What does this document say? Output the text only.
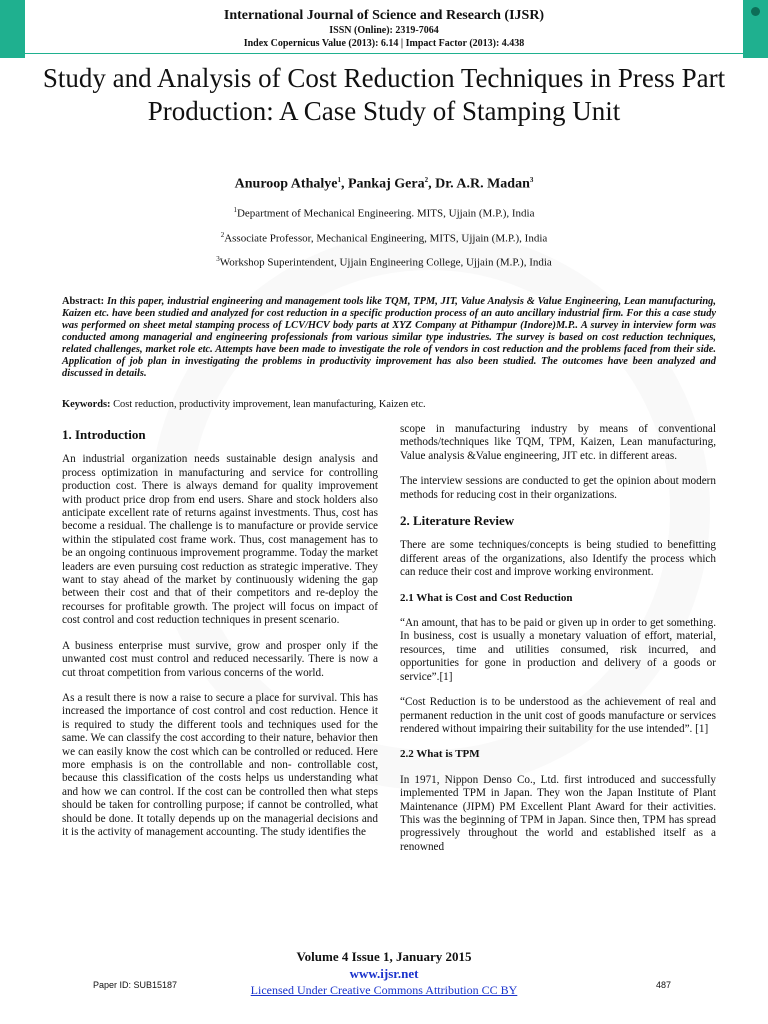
International Journal of Science and Research (IJSR)
ISSN (Online): 2319-7064
Index Copernicus Value (2013): 6.14 | Impact Factor (2013): 4.438
Study and Analysis of Cost Reduction Techniques in Press Part Production: A Case Study of Stamping Unit
Anuroop Athalye$^1$, Pankaj Gera$^2$, Dr. A.R. Madan$^3$
$^1$Department of Mechanical Engineering. MITS, Ujjain (M.P.), India
$^2$Associate Professor, Mechanical Engineering, MITS, Ujjain (M.P.), India
$^3$Workshop Superintendent, Ujjain Engineering College, Ujjain (M.P.), India
Abstract: In this paper, industrial engineering and management tools like TQM, TPM, JIT, Value Analysis & Value Engineering, Lean manufacturing, Kaizen etc. have been studied and analyzed for cost reduction in a specific production process of an auto ancillary industrial firm. For this a case study was performed on sheet metal stamping process of LCV/HCV body parts at XYZ Company at Pithampur (Indore)M.P.. A survey in interview form was conducted among managerial and engineering professionals from various similar type industries. The survey is based on cost reduction techniques, related challenges, market role etc. Attempts have been made to investigate the role of vendors in cost reduction and the problems faced from their side. Application of job plan in investigating the problems in productivity improvement has also been studied. The outcomes have been analyzed and discussed in details.
Keywords: Cost reduction, productivity improvement, lean manufacturing, Kaizen etc.
1. Introduction

An industrial organization needs sustainable design analysis and process optimization in manufacturing and service for controlling production cost. There is always demand for quality improvement with product price drop from end users. Share and stock holders also anticipate excellent rate of returns against investments. Thus, cost has become a residual. The challenge is to manufacture or provide service within the stipulated cost frame work. Thus, cost management has to be an ongoing continuous improvement programme. Today the market leaders are even pursuing cost reduction as strategic imperative. They want to stay ahead of the market by continuously widening the gap between their cost and that of their competitors and re-deploy the recourses for profitable growth. The project will focus on impact of cost control and cost reduction techniques in present scenario.

A business enterprise must survive, grow and prosper only if the unwanted cost must control and reduced necessarily. There is now a cut throat competition from various concerns of the world.

As a result there is now a raise to secure a place for survival. This has increased the importance of cost control and cost reduction. Hence it is required to study the different tools and techniques used for the same. We can classify the cost according to their nature, behavior then we can easily know the cost which can be controlled or reduced. Here more emphasis is on the controllable and non- controllable cost, because this classification of the costs helps us understanding what and how we can control. If the cost can be controlled then what steps should be taken for controlling purpose; if cannot be controlled, what should be done. It totally depends up on the managerial decisions and it is the activity of management accounting. The study identifies the

scope in manufacturing industry by means of conventional methods/techniques like TQM, TPM, Kaizen, Lean manufacturing, Value analysis &Value engineering, JIT etc. in different areas.

The interview sessions are conducted to get the opinion about modern methods for reducing cost in their organizations.

2. Literature Review

There are some techniques/concepts is being studied to benefitting different areas of the organizations, also Identify the process which can reduce their cost and improve working environment.

2.1 What is Cost and Cost Reduction

“An amount, that has to be paid or given up in order to get something. In business, cost is usually a monetary valuation of effort, material, resources, time and utilities consumed, risk incurred, and opportunities for gone in production and delivery of a goods or service”.[1]

“Cost Reduction is to be understood as the achievement of real and permanent reduction in the unit cost of goods manufacture or services rendered without impairing their suitability for the use intended”. [1]

2.2 What is TPM

In 1971, Nippon Denso Co., Ltd. first introduced and successfully implemented TPM in Japan. They won the Japan Institute of Plant Maintenance (JIPM) PM Excellent Plant Award for their activities. This was the beginning of TPM in Japan. Since then, TPM has spread progressively throughout the world and established itself as a renowned

Volume 4 Issue 1, January 2015
www.ijsr.net
Licensed Under Creative Commons Attribution CC BY
Paper ID: SUB15187	487
